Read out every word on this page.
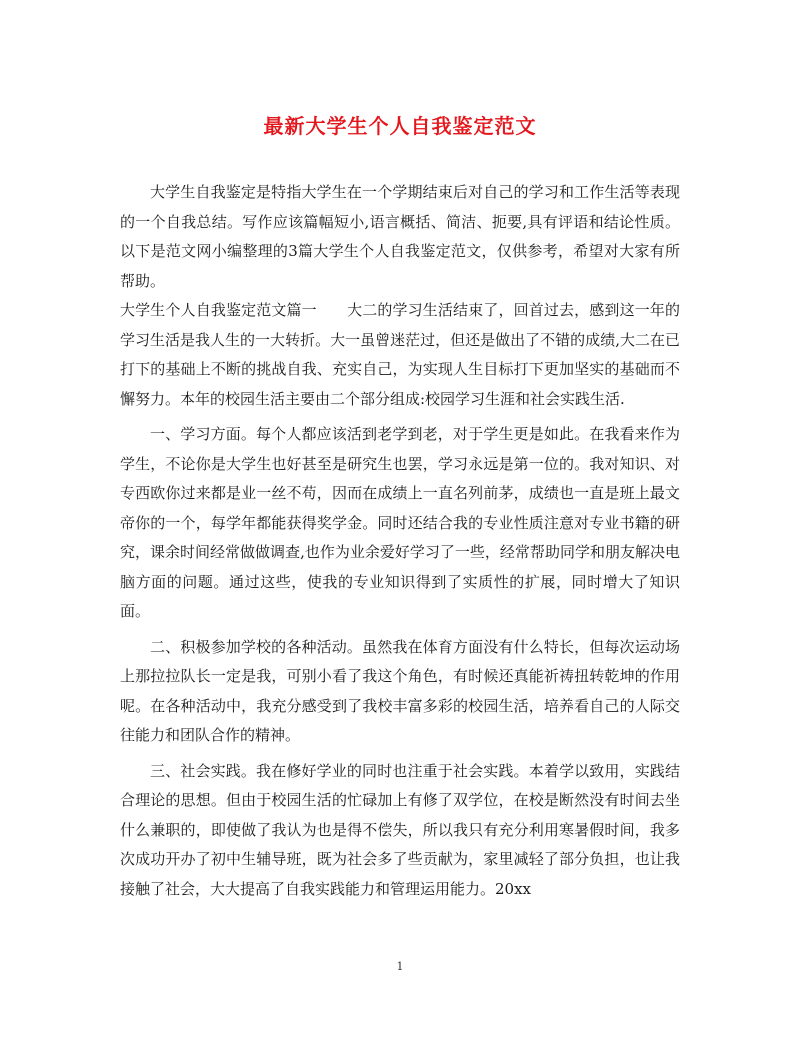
最新大学生个人自我鉴定范文

大学生自我鉴定是特指大学生在一个学期结束后对自己的学习和工作生活等表现的一个自我总结。写作应该篇幅短小,语言概括、简洁、扼要,具有评语和结论性质。以下是范文网小编整理的3篇大学生个人自我鉴定范文，仅供参考，希望对大家有所帮助。

大学生个人自我鉴定范文篇一　　大二的学习生活结束了，回首过去，感到这一年的学习生活是我人生的一大转折。大一虽曾迷茫过，但还是做出了不错的成绩,大二在已打下的基础上不断的挑战自我、充实自己，为实现人生目标打下更加坚实的基础而不懈努力。本年的校园生活主要由二个部分组成:校园学习生涯和社会实践生活.

一、学习方面。每个人都应该活到老学到老，对于学生更是如此。在我看来作为学生，不论你是大学生也好甚至是研究生也罢，学习永远是第一位的。我对知识、对专西欧你过来都是业一丝不苟，因而在成绩上一直名列前茅，成绩也一直是班上最文帝你的一个，每学年都能获得奖学金。同时还结合我的专业性质注意对专业书籍的研究，课余时间经常做做调查,也作为业余爱好学习了一些，经常帮助同学和朋友解决电脑方面的问题。通过这些，使我的专业知识得到了实质性的扩展，同时增大了知识面。

二、积极参加学校的各种活动。虽然我在体育方面没有什么特长，但每次运动场上那拉拉队长一定是我，可别小看了我这个角色，有时候还真能祈祷扭转乾坤的作用呢。在各种活动中，我充分感受到了我校丰富多彩的校园生活，培养看自己的人际交往能力和团队合作的精神。

三、社会实践。我在修好学业的同时也注重于社会实践。本着学以致用，实践结合理论的思想。但由于校园生活的忙碌加上有修了双学位，在校是断然没有时间去坐什么兼职的，即使做了我认为也是得不偿失，所以我只有充分利用寒暑假时间，我多次成功开办了初中生辅导班，既为社会多了些贡献为，家里减轻了部分负担，也让我接触了社会，大大提高了自我实践能力和管理运用能力。20xx

1
